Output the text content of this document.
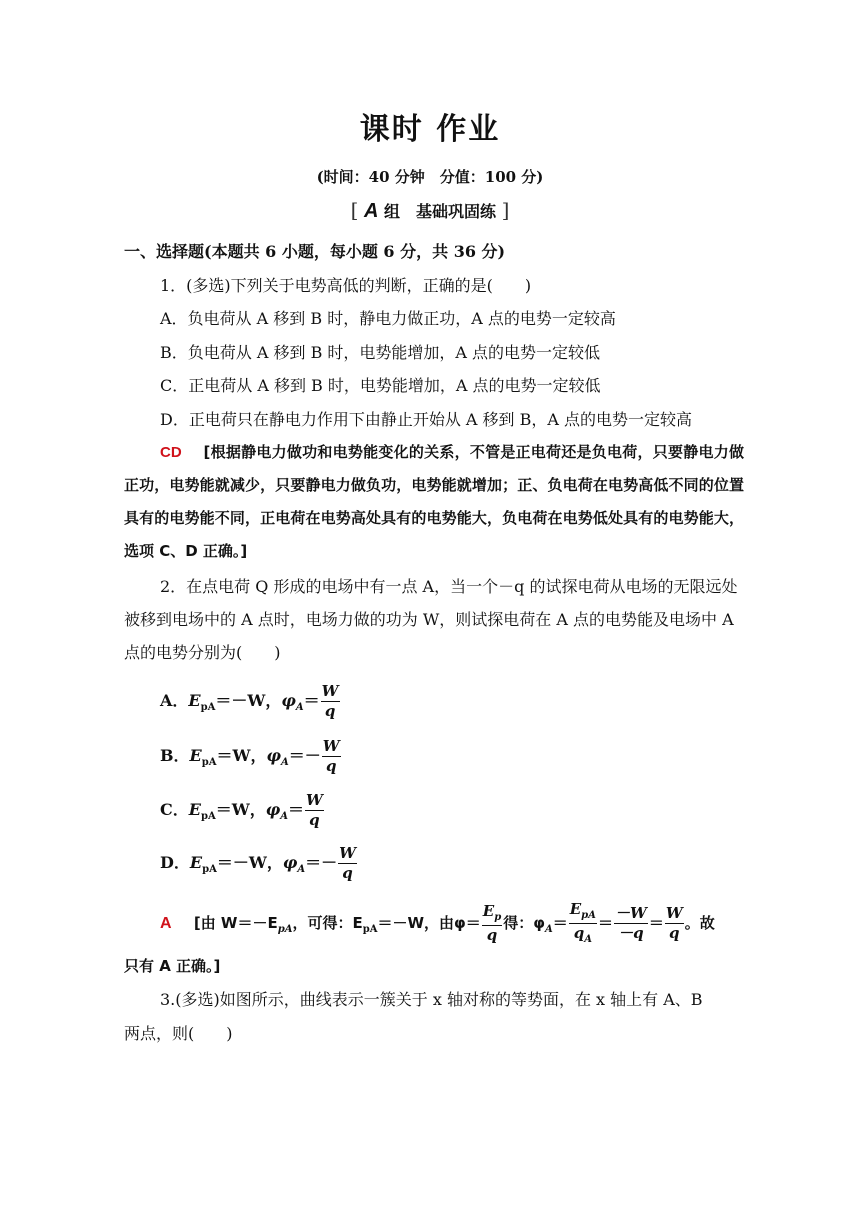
课时 作业
(时间：40 分钟　分值：100 分)
[ A 组　基础巩固练 ]
一、选择题(本题共 6 小题，每小题 6 分，共 36 分)
1．(多选)下列关于电势高低的判断，正确的是(　　)
A．负电荷从 A 移到 B 时，静电力做正功，A 点的电势一定较高
B．负电荷从 A 移到 B 时，电势能增加，A 点的电势一定较低
C．正电荷从 A 移到 B 时，电势能增加，A 点的电势一定较低
D．正电荷只在静电力作用下由静止开始从 A 移到 B，A 点的电势一定较高
CD [根据静电力做功和电势能变化的关系，不管是正电荷还是负电荷，只要静电力做正功，电势能就减少，只要静电力做负功，电势能就增加；正、负电荷在电势高低不同的位置具有的电势能不同，正电荷在电势高处具有的电势能大，负电荷在电势低处具有的电势能大，选项 C、D 正确。]
2．在点电荷 Q 形成的电场中有一点 A，当一个－q 的试探电荷从电场的无限远处被移到电场中的 A 点时，电场力做的功为 W，则试探电荷在 A 点的电势能及电场中 A 点的电势分别为(　　)
A．$E_{pA}=-W$，$\varphi_A= \frac{W}{q}$
B．$E_{pA}=W$，$\varphi_A=- \frac{W}{q}$
C．$E_{pA}=W$，$\varphi_A= \frac{W}{q}$
D．$E_{pA}=-W$，$\varphi_A=- \frac{W}{q}$
A [由 $W=-E_{pA}$，可得：$E_{pA}=-W$，由$\varphi= \frac{E_p}{q}$ 得：$\varphi_A= \frac{E_{pA}}{q_A} = \frac{-W}{-q} = \frac{W}{q}$ 。故
只有 A 正确。]
3.(多选)如图所示，曲线表示一簇关于 x 轴对称的等势面，在 x 轴上有 A、B
两点，则(　　)
